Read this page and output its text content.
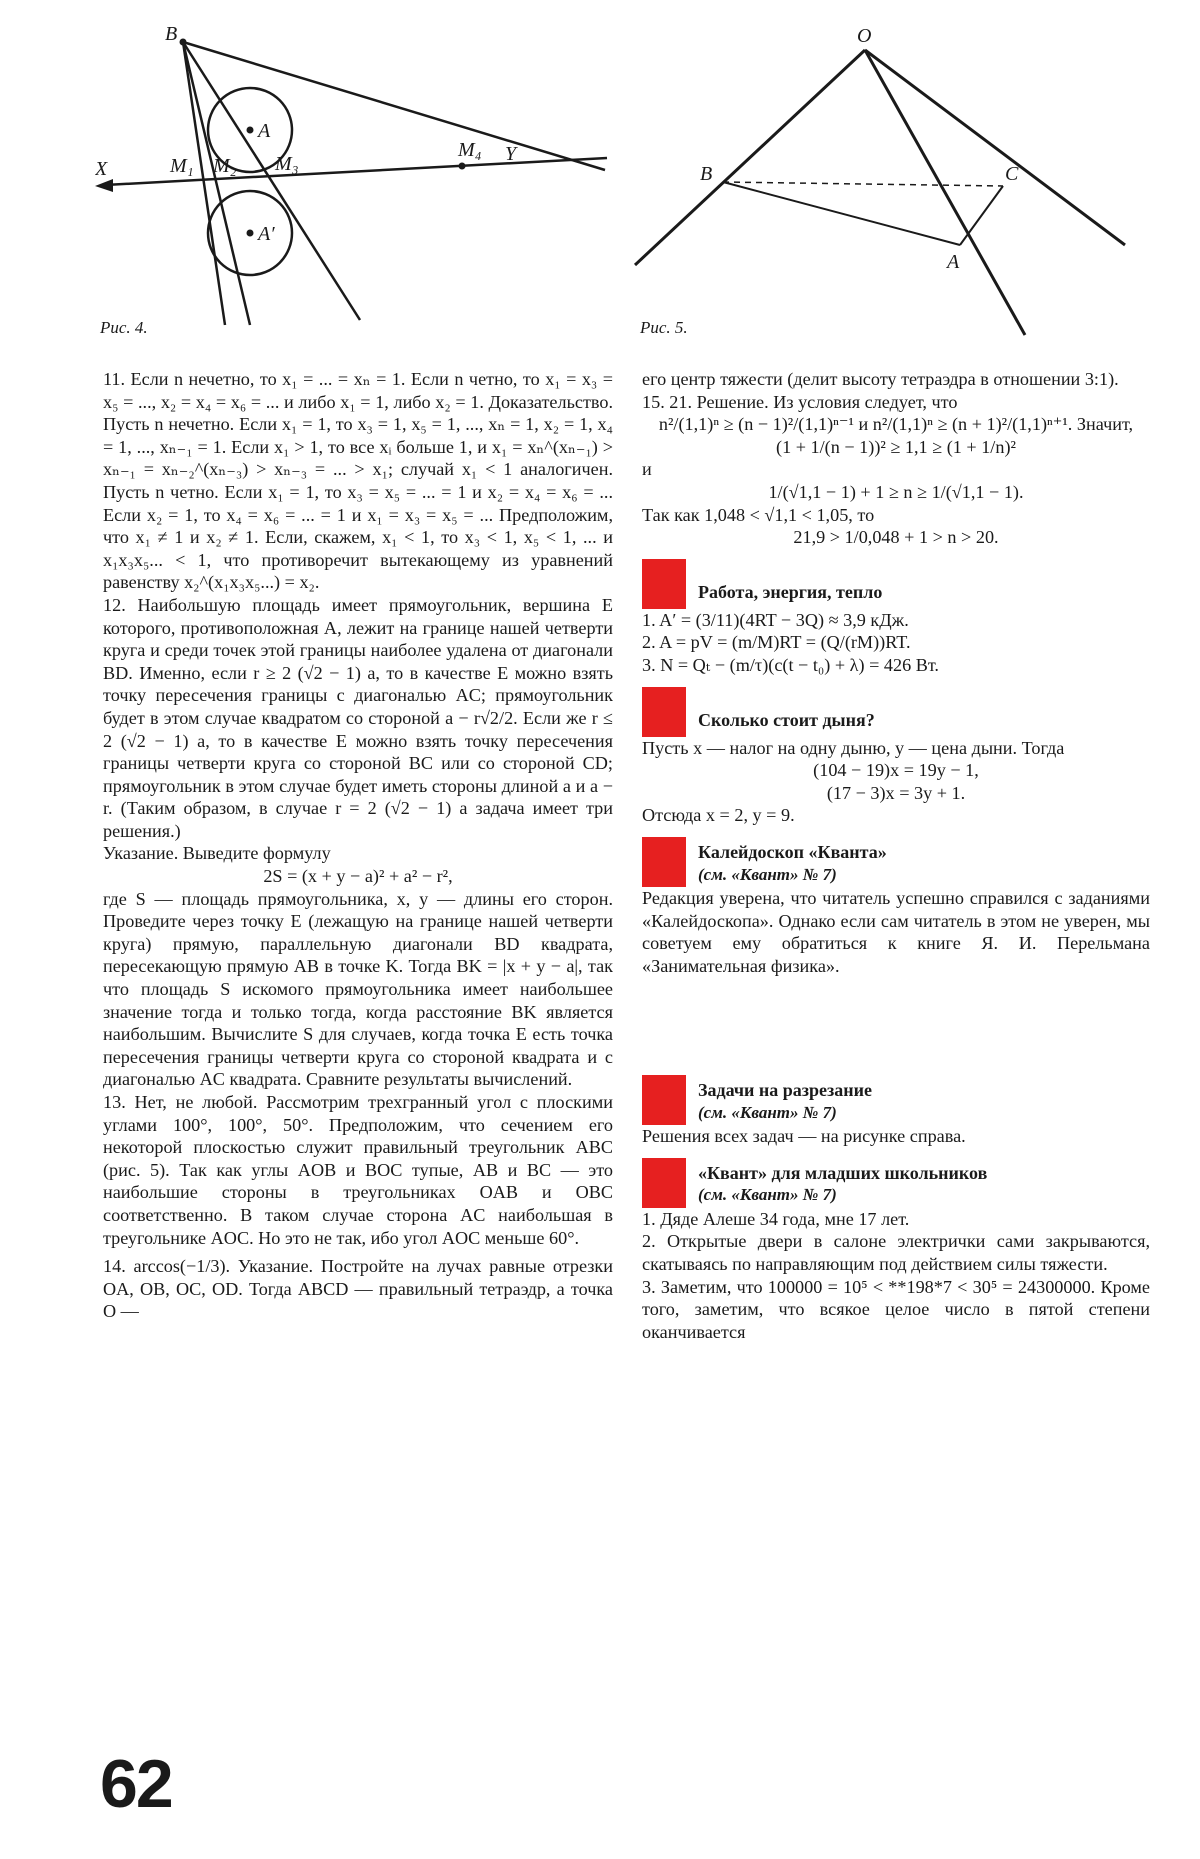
B
A
A′
X
Y
M₁ M₂ M₃
M₄
Рис. 4.
O
B	C
A
Рис. 5.

11. Если n нечетно, то x₁ = ... = xₙ = 1. Если n четно, то x₁ = x₃ = x₅ = ..., x₂ = x₄ = x₆ = ... и либо x₁ = 1, либо x₂ = 1. Доказательство. Пусть n нечетно. Если x₁ = 1, то x₃ = 1, x₅ = 1, ..., xₙ = 1, x₂ = 1, x₄ = 1, ..., xₙ₋₁ = 1. Если x₁ > 1, то все xᵢ больше 1, и x₁ = xₙ^(xₙ₋₁) > xₙ₋₁ = xₙ₋₂^(xₙ₋₃) > xₙ₋₃ = ... > x₁; случай x₁ < 1 аналогичен. Пусть n четно. Если x₁ = 1, то x₃ = x₅ = ... = 1 и x₂ = x₄ = x₆ = ... Если x₂ = 1, то x₄ = x₆ = ... = 1 и x₁ = x₃ = x₅ = ... Предположим, что x₁ ≠ 1 и x₂ ≠ 1. Если, скажем, x₁ < 1, то x₃ < 1, x₅ < 1, ... и x₁x₃x₅... < 1, что противоречит вытекающему из уравнений равенству x₂^(x₁x₃x₅...) = x₂.

12. Наибольшую площадь имеет прямоугольник, вершина E которого, противоположная A, лежит на границе нашей четверти круга и среди точек этой границы наиболее удалена от диагонали BD. Именно, если r ≥ 2 (√2 − 1) a, то в качестве E можно взять точку пересечения границы с диагональю AC; прямоугольник будет в этом случае квадратом со стороной a − r√2/2. Если же r ≤ 2 (√2 − 1) a, то в качестве E можно взять точку пересечения границы четверти круга со стороной BC или со стороной CD; прямоугольник в этом случае будет иметь стороны длиной a и a − r. (Таким образом, в случае r = 2 (√2 − 1) a задача имеет три решения.)

Указание. Выведите формулу

2S = (x + y − a)² + a² − r²,

где S — площадь прямоугольника, x, y — длины его сторон. Проведите через точку E (лежащую на границе нашей четверти круга) прямую, параллельную диагонали BD квадрата, пересекающую прямую AB в точке K. Тогда BK = |x + y − a|, так что площадь S искомого прямоугольника имеет наибольшее значение тогда и только тогда, когда расстояние BK является наибольшим. Вычислите S для случаев, когда точка E есть точка пересечения границы четверти круга со стороной квадрата и с диагональю AC квадрата. Сравните результаты вычислений.

13. Нет, не любой. Рассмотрим трехгранный угол с плоскими углами 100°, 100°, 50°. Предположим, что сечением его некоторой плоскостью служит правильный треугольник ABC (рис. 5). Так как углы AOB и BOC тупые, AB и BC — это наибольшие стороны в треугольниках OAB и OBC соответственно. В таком случае сторона AC наибольшая в треугольнике AOC. Но это не так, ибо угол AOC меньше 60°.

14. arccos(−1/3). Указание. Постройте на лучах равные отрезки OA, OB, OC, OD. Тогда ABCD — правильный тетраэдр, а точка O —

его центр тяжести (делит высоту тетраэдра в отношении 3:1).

15. 21. Решение. Из условия следует, что

n²/(1,1)ⁿ ≥ (n − 1)²/(1,1)ⁿ⁻¹ и n²/(1,1)ⁿ ≥ (n + 1)²/(1,1)ⁿ⁺¹. Значит,

(1 + 1/(n − 1))² ≥ 1,1 ≥ (1 + 1/n)²

и

1/(√1,1 − 1) + 1 ≥ n ≥ 1/(√1,1 − 1).

Так как 1,048 < √1,1 < 1,05, то

21,9 > 1/0,048 + 1 > n > 20.

Работа, энергия, тепло

1. A′ = (3/11)(4RT − 3Q) ≈ 3,9 кДж.

2. A = pV = (m/M)RT = (Q/(rM))RT.

3. N = Qₜ − (m/τ)(c(t − t₀) + λ) = 426 Вт.

Сколько стоит дыня?

Пусть x — налог на одну дыню, y — цена дыни. Тогда

(104 − 19)x = 19y − 1,

(17 − 3)x = 3y + 1.

Отсюда x = 2, y = 9.

Калейдоскоп «Кванта»
(см. «Квант» № 7)

Редакция уверена, что читатель успешно справился с заданиями «Калейдоскопа». Однако если сам читатель в этом не уверен, мы советуем ему обратиться к книге Я. И. Перельмана «Занимательная физика».

Задачи на разрезание
(см. «Квант» № 7)

Решения всех задач — на рисунке справа.

«Квант» для младших школьников
(см. «Квант» № 7)

1. Дяде Алеше 34 года, мне 17 лет.

2. Открытые двери в салоне электрички сами закрываются, скатываясь по направляющим под действием силы тяжести.

3. Заметим, что 100000 = 10⁵ < **198*7 < 30⁵ = 24300000. Кроме того, заметим, что всякое целое число в пятой степени оканчивается

62
